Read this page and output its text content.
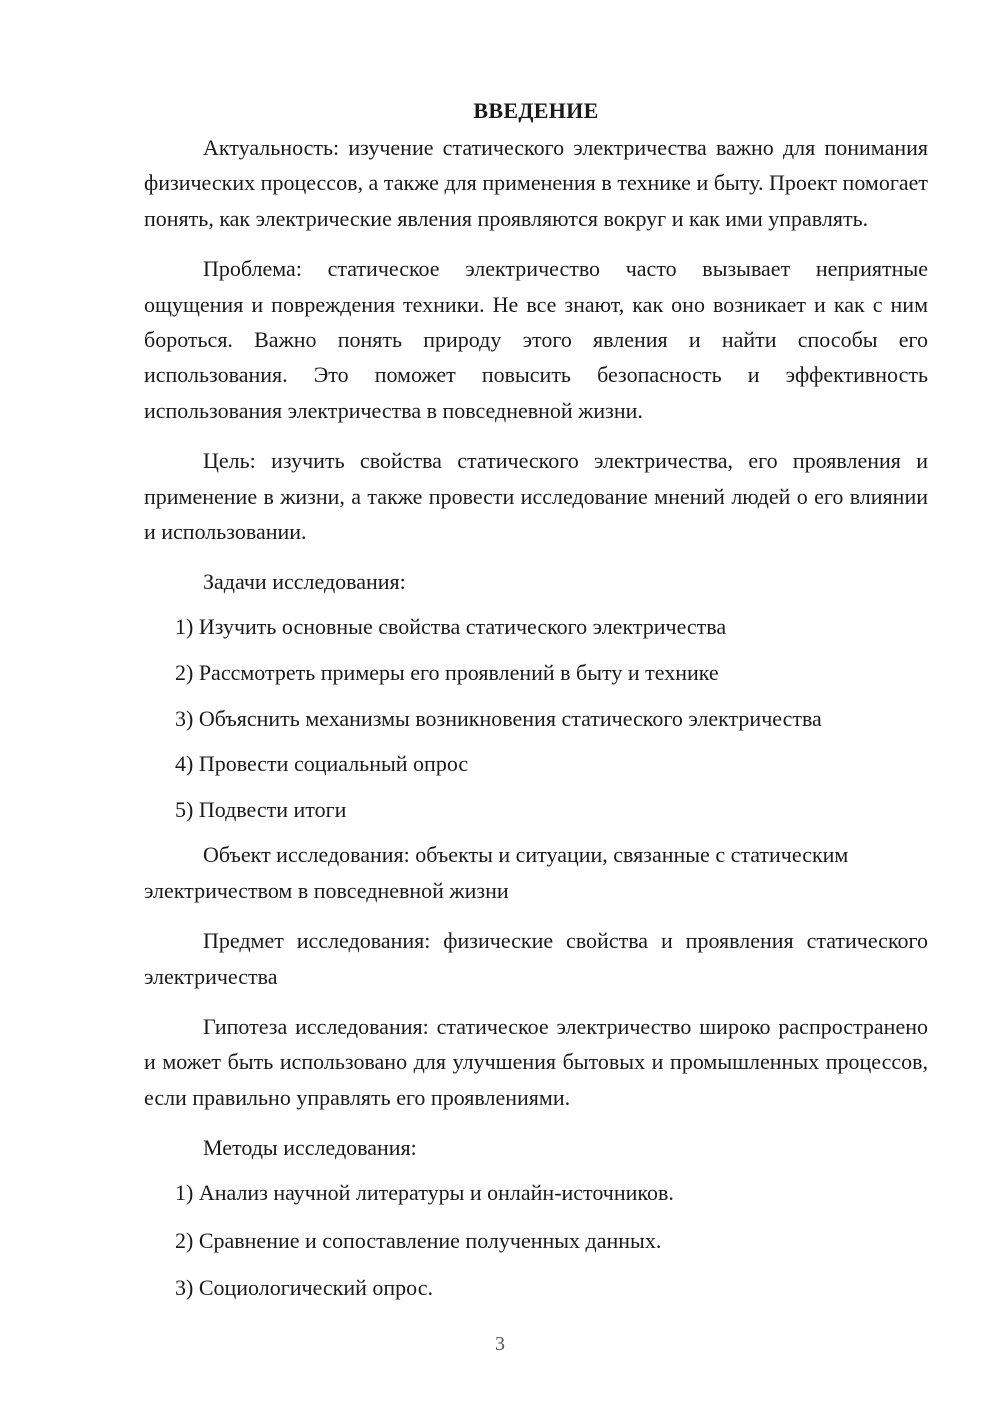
ВВЕДЕНИЕ

Актуальность: изучение статического электричества важно для понимания физических процессов, а также для применения в технике и быту. Проект помогает понять, как электрические явления проявляются вокруг и как ими управлять.

Проблема: статическое электричество часто вызывает неприятные ощущения и повреждения техники. Не все знают, как оно возникает и как с ним бороться. Важно понять природу этого явления и найти способы его использования. Это поможет повысить безопасность и эффективность использования электричества в повседневной жизни.

Цель: изучить свойства статического электричества, его проявления и применение в жизни, а также провести исследование мнений людей о его влиянии и использовании.

Задачи исследования:

1) Изучить основные свойства статического электричества
2) Рассмотреть примеры его проявлений в быту и технике
3) Объяснить механизмы возникновения статического электричества
4) Провести социальный опрос
5) Подвести итоги

Объект исследования: объекты и ситуации, связанные с статическим электричеством в повседневной жизни

Предмет исследования: физические свойства и проявления статического электричества

Гипотеза исследования: статическое электричество широко распространено и может быть использовано для улучшения бытовых и промышленных процессов, если правильно управлять его проявлениями.

Методы исследования:

1) Анализ научной литературы и онлайн-источников.
2) Сравнение и сопоставление полученных данных.
3) Социологический опрос.
3
